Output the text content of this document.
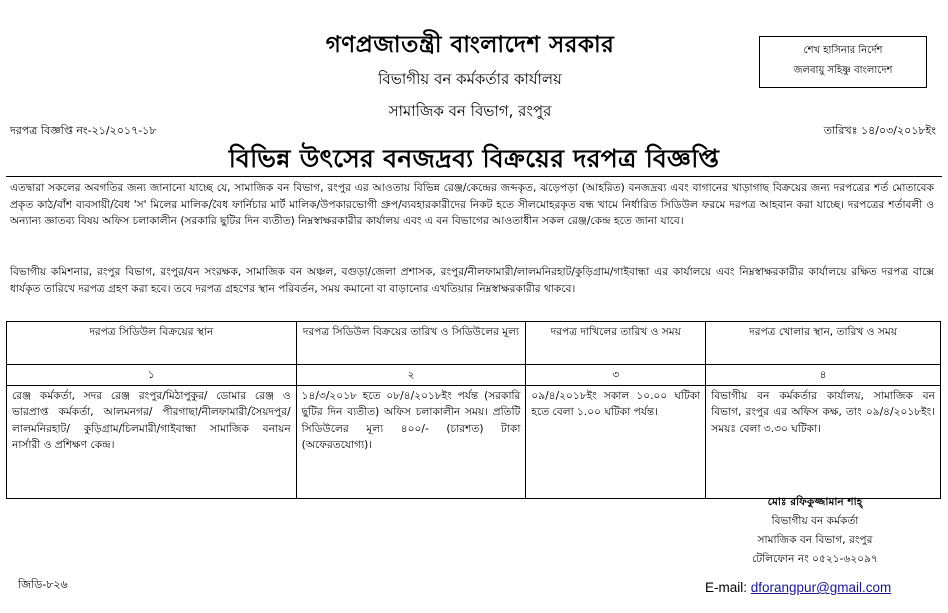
গণপ্রজাতন্ত্রী বাংলাদেশ সরকার
বিভাগীয় বন কর্মকর্তার কার্যালয়
সামাজিক বন বিভাগ, রংপুর
শেখ হাসিনার নির্দেশ
জলবায়ু সহিষ্ণু বাংলাদেশ
দরপত্র বিজ্ঞপ্তি নং-২১/২০১৭-১৮	তারিখঃ ১৪/০৩/২০১৮ইং
বিভিন্ন উৎসের বনজদ্রব্য বিক্রয়ের দরপত্র বিজ্ঞপ্তি
এতদ্বারা সকলের অবগতির জন্য জানানো যাচ্ছে যে, সামাজিক বন বিভাগ, রংপুর এর আওতায় বিভিন্ন রেঞ্জ/কেন্দ্রের জব্দকৃত, ঝড়েপড়া (আহরিত) বনজদ্রব্য এবং বাগানের খাড়াগাছ বিক্রয়ের জন্য দরপত্রের শর্ত মোতাবেক প্রকৃত কাঠ/বাঁশ ব্যবসায়ী/বৈধ 'স' মিলের মালিক/বৈধ ফার্নিচার মার্ট মালিক/উপকারভোগী গ্রুপ/ব্যবহারকারীদের নিকট হতে সীলমোহরকৃত বন্ধ খামে নির্ধারিত সিডিউল ফরমে দরপত্র আহবান করা যাচ্ছে। দরপত্রের শর্তাবলী ও অন্যান্য জ্ঞাতব্য বিষয় অফিস চলাকালীন (সরকারি ছুটির দিন ব্যতীত) নিম্নস্বাক্ষরকারীর কার্যালয় এবং এ বন বিভাগের আওতাধীন সকল রেঞ্জ/কেন্দ্র হতে জানা যাবে।
বিভাগীয় কমিশনার, রংপুর বিভাগ, রংপুর/বন সংরক্ষক, সামাজিক বন অঞ্চল, বগুড়া/জেলা প্রশাসক, রংপুর/নীলফামারী/লালমনিরহাট/কুড়িগ্রাম/গাইবান্ধা এর কার্যালয়ে এবং নিম্নস্বাক্ষরকারীর কার্যালয়ে রক্ষিত দরপত্র বাক্সে ধার্যকৃত তারিখে দরপত্র গ্রহণ করা হবে। তবে দরপত্র গ্রহণের স্থান পরিবর্তন, সময় কমানো বা বাড়ানোর এখতিয়ার নিম্নস্বাক্ষরকারীর থাকবে।
দরপত্র সিডিউল বিক্রয়ের স্থান	দরপত্র সিডিউল বিক্রয়ের তারিখ ও সিডিউলের মূল্য	দরপত্র দাখিলের তারিখ ও সময়	দরপত্র খোলার স্থান, তারিখ ও সময়
১	২	৩	৪
রেঞ্জ কর্মকর্তা, সদর রেঞ্জ রংপুর/মিঠাপুকুর/ ডোমার রেঞ্জ ও ভারপ্রাপ্ত কর্মকর্তা, আলমনগর/ পীরগাছা/নীলফামারী/সৈয়দপুর/লালমনিরহাট/ কুড়িগ্রাম/চিলমারী/গাইবান্ধা সামাজিক বনায়ন নার্সারী ও প্রশিক্ষণ কেন্দ্র।	১৪/৩/২০১৮ হতে ০৮/৪/২০১৮ইং পর্যন্ত (সরকারি ছুটির দিন ব্যতীত) অফিস চলাকালীন সময়। প্রতিটি সিডিউলের মূল্য ৪০০/- (চারশত) টাকা (অফেরতযোগ্য)।	০৯/৪/২০১৮ইং সকাল ১০.০০ ঘটিকা হতে বেলা ১.০০ ঘটিকা পর্যন্ত।	বিভাগীয় বন কর্মকর্তার কার্যালয়, সামাজিক বন বিভাগ, রংপুর এর অফিস কক্ষ, তাং ০৯/৪/২০১৮ইং। সময়ঃ বেলা ৩.৩০ ঘটিকা।
মোঃ রফিকুজ্জামান শাহ্
বিভাগীয় বন কর্মকর্তা
সামাজিক বন বিভাগ, রংপুর
টেলিফোন নং ০৫২১-৬২০৯৭
জিডি-৮২৬	E-mail: dforangpur@gmail.com
